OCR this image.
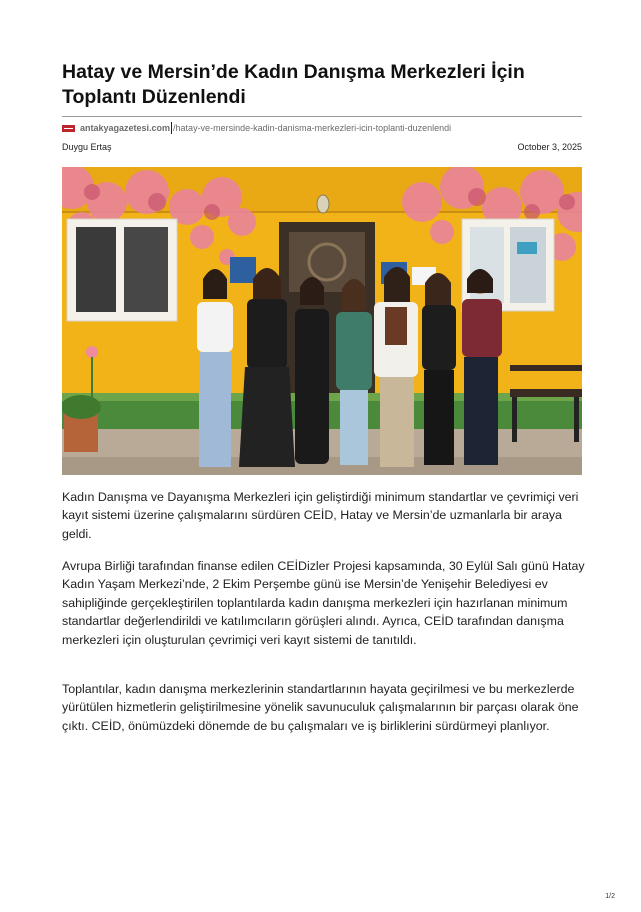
Hatay ve Mersin’de Kadın Danışma Merkezleri İçin Toplantı Düzenlendi
antakyagazetesi.com /hatay-ve-mersinde-kadin-danisma-merkezleri-icin-toplanti-duzenlendi
Duygu Ertaş	October 3, 2025

Kadın Danışma ve Dayanışma Merkezleri için geliştirdiği minimum standartlar ve çevrimiçi veri kayıt sistemi üzerine çalışmalarını sürdüren CEİD, Hatay ve Mersin’de uzmanlarla bir araya geldi.

Avrupa Birliği tarafından finanse edilen CEİDizler Projesi kapsamında, 30 Eylül Salı günü Hatay Kadın Yaşam Merkezi’nde, 2 Ekim Perşembe günü ise Mersin’de Yenişehir Belediyesi ev sahipliğinde gerçekleştirilen toplantılarda kadın danışma merkezleri için hazırlanan minimum standartlar değerlendirildi ve katılımcıların görüşleri alındı. Ayrıca, CEİD tarafından danışma merkezleri için oluşturulan çevrimiçi veri kayıt sistemi de tanıtıldı.

Toplantılar, kadın danışma merkezlerinin standartlarının hayata geçirilmesi ve bu merkezlerde yürütülen hizmetlerin geliştirilmesine yönelik savunuculuk çalışmalarının bir parçası olarak öne çıktı. CEİD, önümüzdeki dönemde de bu çalışmaları ve iş birliklerini sürdürmeyi planlıyor.

1/2
